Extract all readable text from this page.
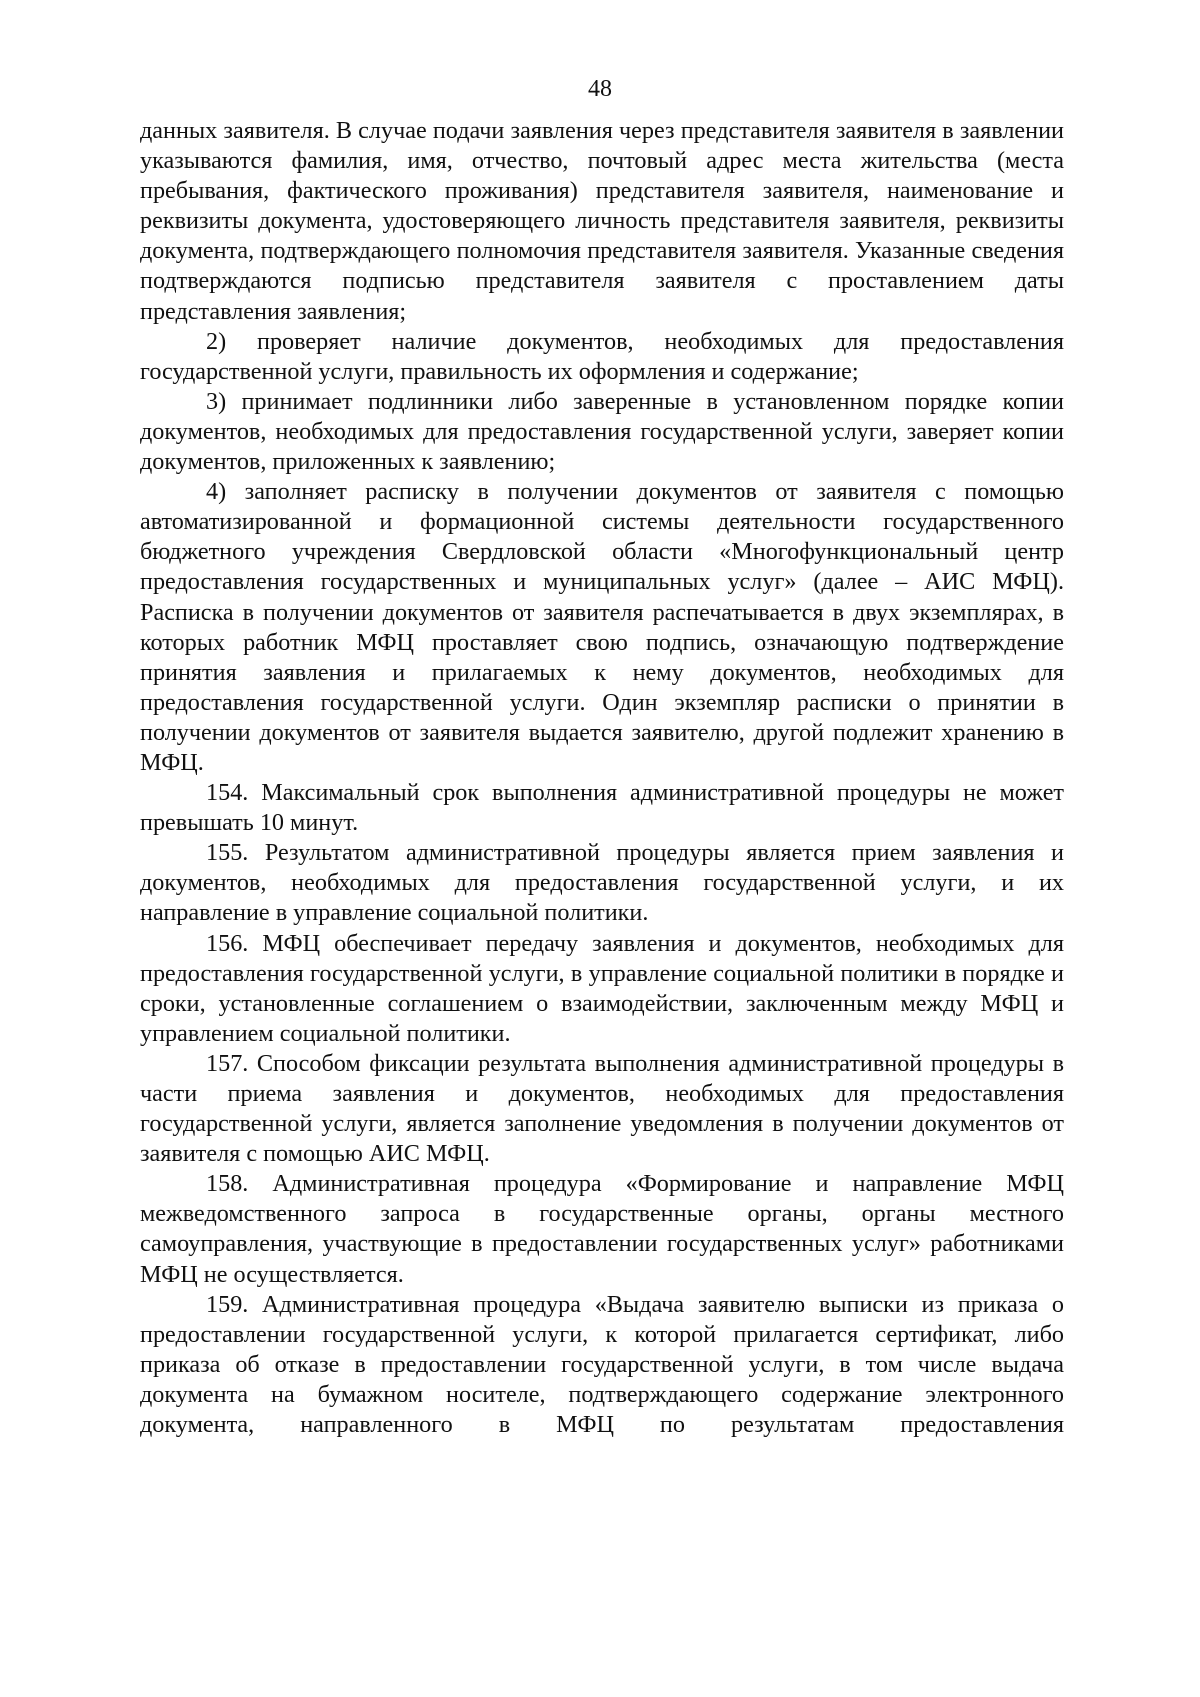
48

данных заявителя. В случае подачи заявления через представителя заявителя в заявлении указываются фамилия, имя, отчество, почтовый адрес места жительства (места пребывания, фактического проживания) представителя заявителя, наименование и реквизиты документа, удостоверяющего личность представителя заявителя, реквизиты документа, подтверждающего полномочия представителя заявителя. Указанные сведения подтверждаются подписью представителя заявителя с проставлением даты представления заявления;

2) проверяет наличие документов, необходимых для предоставления государственной услуги, правильность их оформления и содержание;

3) принимает подлинники либо заверенные в установленном порядке копии документов, необходимых для предоставления государственной услуги, заверяет копии документов, приложенных к заявлению;

4) заполняет расписку в получении документов от заявителя с помощью автоматизированной и формационной системы деятельности государственного бюджетного учреждения Свердловской области «Многофункциональный центр предоставления государственных и муниципальных услуг» (далее – АИС МФЦ). Расписка в получении документов от заявителя распечатывается в двух экземплярах, в которых работник МФЦ проставляет свою подпись, означающую подтверждение принятия заявления и прилагаемых к нему документов, необходимых для предоставления государственной услуги. Один экземпляр расписки о принятии в получении документов от заявителя выдается заявителю, другой подлежит хранению в МФЦ.

154. Максимальный срок выполнения административной процедуры не может превышать 10 минут.

155. Результатом административной процедуры является прием заявления и документов, необходимых для предоставления государственной услуги, и их направление в управление социальной политики.

156. МФЦ обеспечивает передачу заявления и документов, необходимых для предоставления государственной услуги, в управление социальной политики в порядке и сроки, установленные соглашением о взаимодействии, заключенным между МФЦ и управлением социальной политики.

157. Способом фиксации результата выполнения административной процедуры в части приема заявления и документов, необходимых для предоставления государственной услуги, является заполнение уведомления в получении документов от заявителя с помощью АИС МФЦ.

158. Административная процедура «Формирование и направление МФЦ межведомственного запроса в государственные органы, органы местного самоуправления, участвующие в предоставлении государственных услуг» работниками МФЦ не осуществляется.

159. Административная процедура «Выдача заявителю выписки из приказа о предоставлении государственной услуги, к которой прилагается сертификат, либо приказа об отказе в предоставлении государственной услуги, в том числе выдача документа на бумажном носителе, подтверждающего содержание электронного документа, направленного в МФЦ по результатам предоставления
